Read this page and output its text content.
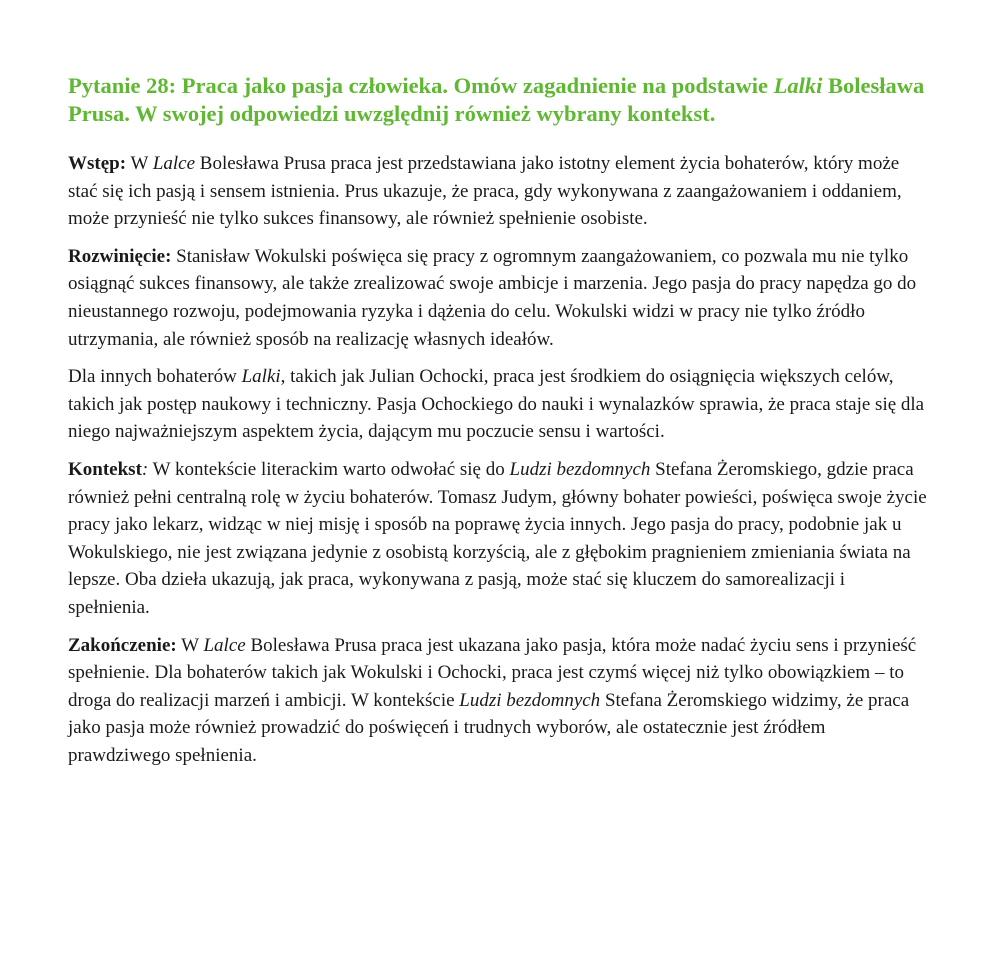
Pytanie 28: Praca jako pasja człowieka. Omów zagadnienie na podstawie Lalki Bolesława Prusa. W swojej odpowiedzi uwzględnij również wybrany kontekst.

Wstęp: W Lalce Bolesława Prusa praca jest przedstawiana jako istotny element życia bohaterów, który może stać się ich pasją i sensem istnienia. Prus ukazuje, że praca, gdy wykonywana z zaangażowaniem i oddaniem, może przynieść nie tylko sukces finansowy, ale również spełnienie osobiste.

Rozwinięcie: Stanisław Wokulski poświęca się pracy z ogromnym zaangażowaniem, co pozwala mu nie tylko osiągnąć sukces finansowy, ale także zrealizować swoje ambicje i marzenia. Jego pasja do pracy napędza go do nieustannego rozwoju, podejmowania ryzyka i dążenia do celu. Wokulski widzi w pracy nie tylko źródło utrzymania, ale również sposób na realizację własnych ideałów.

Dla innych bohaterów Lalki, takich jak Julian Ochocki, praca jest środkiem do osiągnięcia większych celów, takich jak postęp naukowy i techniczny. Pasja Ochockiego do nauki i wynalazków sprawia, że praca staje się dla niego najważniejszym aspektem życia, dającym mu poczucie sensu i wartości.

Kontekst: W kontekście literackim warto odwołać się do Ludzi bezdomnych Stefana Żeromskiego, gdzie praca również pełni centralną rolę w życiu bohaterów. Tomasz Judym, główny bohater powieści, poświęca swoje życie pracy jako lekarz, widząc w niej misję i sposób na poprawę życia innych. Jego pasja do pracy, podobnie jak u Wokulskiego, nie jest związana jedynie z osobistą korzyścią, ale z głębokim pragnieniem zmieniania świata na lepsze. Oba dzieła ukazują, jak praca, wykonywana z pasją, może stać się kluczem do samorealizacji i spełnienia.

Zakończenie: W Lalce Bolesława Prusa praca jest ukazana jako pasja, która może nadać życiu sens i przynieść spełnienie. Dla bohaterów takich jak Wokulski i Ochocki, praca jest czymś więcej niż tylko obowiązkiem – to droga do realizacji marzeń i ambicji. W kontekście Ludzi bezdomnych Stefana Żeromskiego widzimy, że praca jako pasja może również prowadzić do poświęceń i trudnych wyborów, ale ostatecznie jest źródłem prawdziwego spełnienia.
